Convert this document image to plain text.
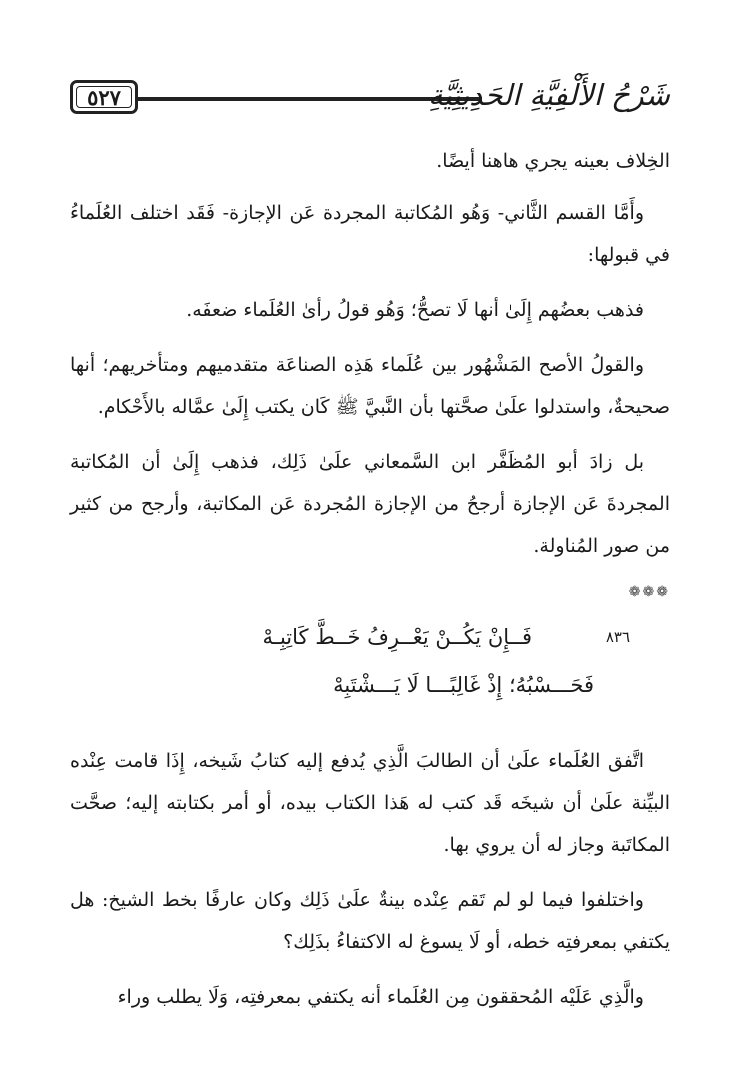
٥٢٧	شَرْحُ الأَلْفِيَّةِ الحَدِيثِيَّةِ

الخِلاف بعينه يجري هاهنا أيضًا.

وأَمَّا القسم الثَّاني- وَهُو المُكاتبة المجردة عَن الإجازة- فَقَد اختلف العُلَماءُ في قبولها:

فذهب بعضُهم إِلَىٰ أنها لَا تصحُّ؛ وَهُو قولُ رأىٰ العُلَماء ضعفَه.

والقولُ الأصح المَشْهُور بين عُلَماء هَذِه الصناعَة متقدميهم ومتأخريهم؛ أنها صحيحةٌ، واستدلوا علَىٰ صحَّتها بأن النَّبيَّ ﷺ كَان يكتب إِلَىٰ عمَّاله بالأَحْكام.

بل زادَ أبو المُظَفَّر ابن السَّمعاني علَىٰ ذَلِك، فذهب إِلَىٰ أن المُكاتبة المجردةَ عَن الإجازة أرجحُ من الإجازة المُجردة عَن المكاتبة، وأرجح من كثير من صور المُناولة.

❁❁❁
٨٣٦
فَــإِنْ يَكُــنْ يَعْــرِفُ خَــطَّ كَاتِبِـهْ
فَحَـــسْبُهُ؛ إِذْ غَالِبًـــا لَا يَـــشْتَبِهْ

اتَّفق العُلَماء علَىٰ أن الطالبَ الَّذِي يُدفع إليه كتابُ شَيخه، إِذَا قامت عِنْده البيِّنة علَىٰ أن شيخَه قَد كتب له هَذا الكتاب بيده، أو أمر بكتابته إليه؛ صحَّت المكاتَبة وجاز له أن يروي بها.

واختلفوا فيما لو لم تَقم عِنْده بينةٌ علَىٰ ذَلِك وكان عارفًا بخط الشيخ: هل يكتفي بمعرفتِه خطه، أو لَا يسوغ له الاكتفاءُ بذَلِك؟

والَّذِي عَلَيْه المُحققون مِن العُلَماء أنه يكتفي بمعرفتِه، وَلَا يطلب وراء
